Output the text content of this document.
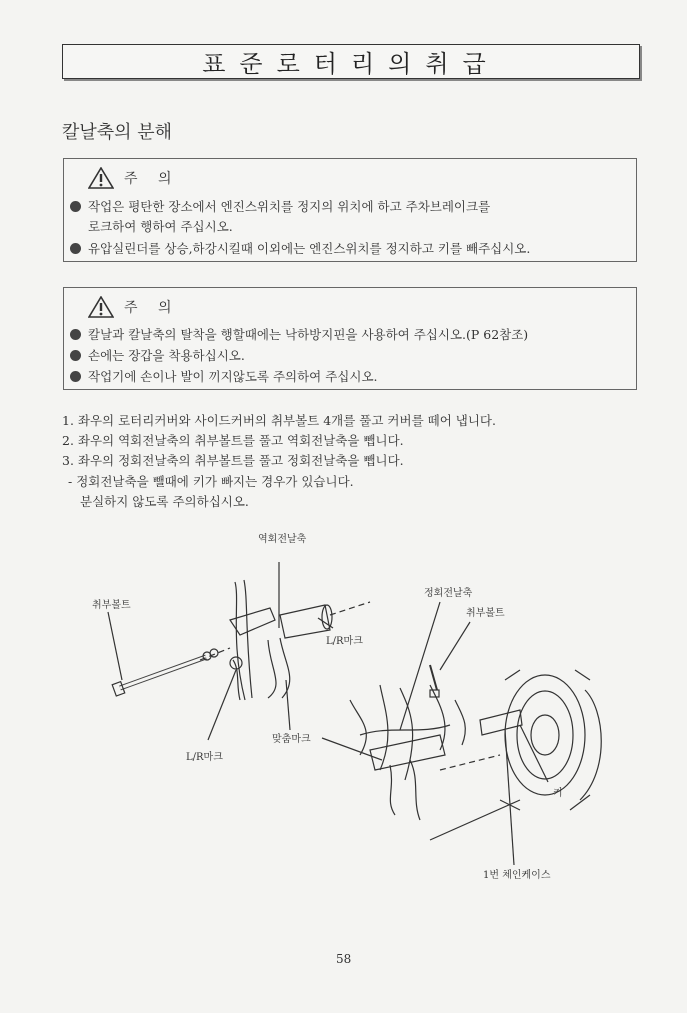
표준로터리의취급
칼날축의 분해
주 의
작업은 평탄한 장소에서 엔진스위치를 정지의 위치에 하고 주차브레이크를
로크하여 행하여 주십시오.
유압실린더를 상승,하강시킬때 이외에는 엔진스위치를 정지하고 키를 빼주십시오.
주 의
칼날과 칼날축의 탈착을 행할때에는 낙하방지핀을 사용하여 주십시오.(P 62참조)
손에는 장갑을 착용하십시오.
작업기에 손이나 발이 끼지않도록 주의하여 주십시오.
1. 좌우의 로터리커버와 사이드커버의 취부볼트 4개를 풀고 커버를 떼어 냅니다.
2. 좌우의 역회전날축의 취부볼트를 풀고 역회전날축을 뺍니다.
3. 좌우의 정회전날축의 취부볼트를 풀고 정회전날축을 뺍니다.
- 정회전날축을 뺄때에 키가 빠지는 경우가 있습니다.
분실하지 않도록 주의하십시오.
역회전날축
취부볼트
L/R마크
L/R마크
맞춤마크
정회전날축
취부볼트
키
1번 체인케이스
58
